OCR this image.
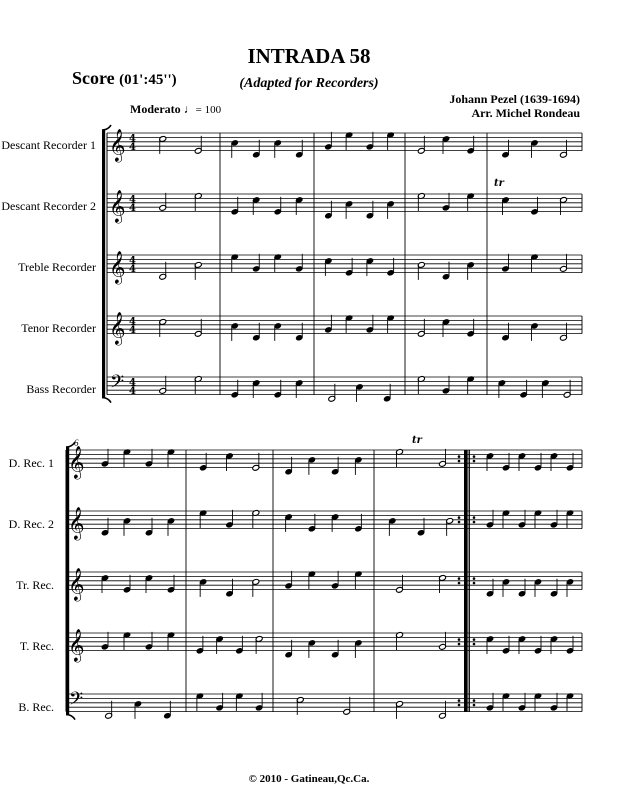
INTRADA 58
(Adapted for Recorders)
Score (01':45'')
Johann Pezel (1639-1694)
Arr. Michel Rondeau
Moderato ♩= 100
6
Descant Recorder 1
Descant Recorder 2
Treble Recorder
Tenor Recorder
Bass Recorder
D. Rec. 1
D. Rec. 2
Tr. Rec.
T. Rec.
B. Rec.
𝄞 4
4
𝄞 4
4
𝄞 4
4
𝄞 4
4
𝄢 4
4
𝄞
𝄞
𝄞
𝄞
𝄢
tr
tr
© 2010 - Gatineau,Qc.Ca.
